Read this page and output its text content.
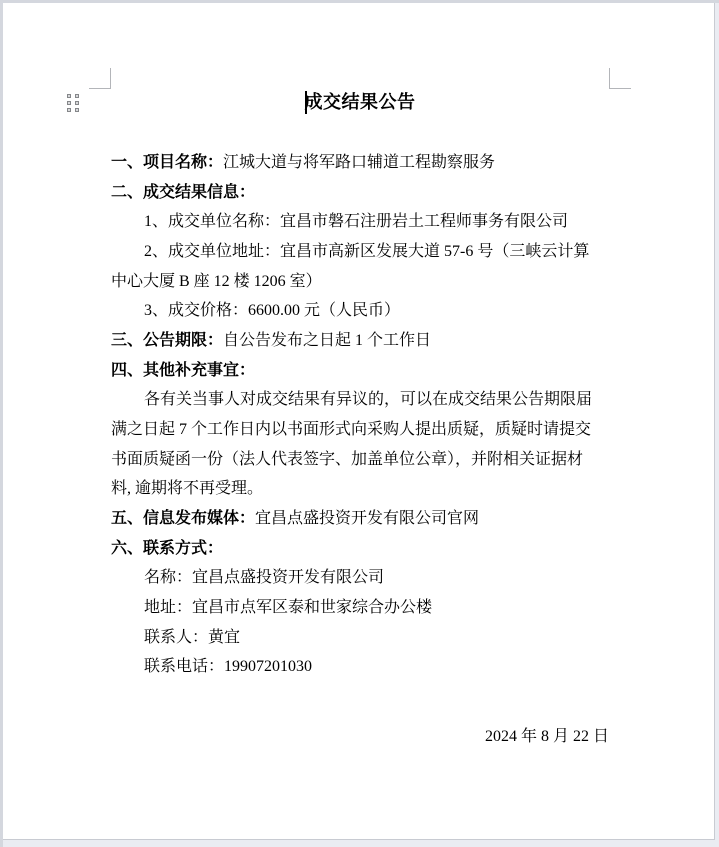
成交结果公告
一、项目名称：江城大道与将军路口辅道工程勘察服务
二、成交结果信息：
1、成交单位名称：宜昌市磐石注册岩土工程师事务有限公司
2、成交单位地址：宜昌市高新区发展大道 57-6 号（三峡云计算
中心大厦 B 座 12 楼 1206 室）
3、成交价格：6600.00 元（人民币）
三、公告期限：自公告发布之日起 1 个工作日
四、其他补充事宜：
各有关当事人对成交结果有异议的，可以在成交结果公告期限届
满之日起 7 个工作日内以书面形式向采购人提出质疑，质疑时请提交
书面质疑函一份（法人代表签字、加盖单位公章），并附相关证据材
料, 逾期将不再受理。
五、信息发布媒体：宜昌点盛投资开发有限公司官网
六、联系方式：
名称：宜昌点盛投资开发有限公司
地址：宜昌市点军区泰和世家综合办公楼
联系人：黄宜
联系电话：19907201030
2024 年 8 月 22 日
